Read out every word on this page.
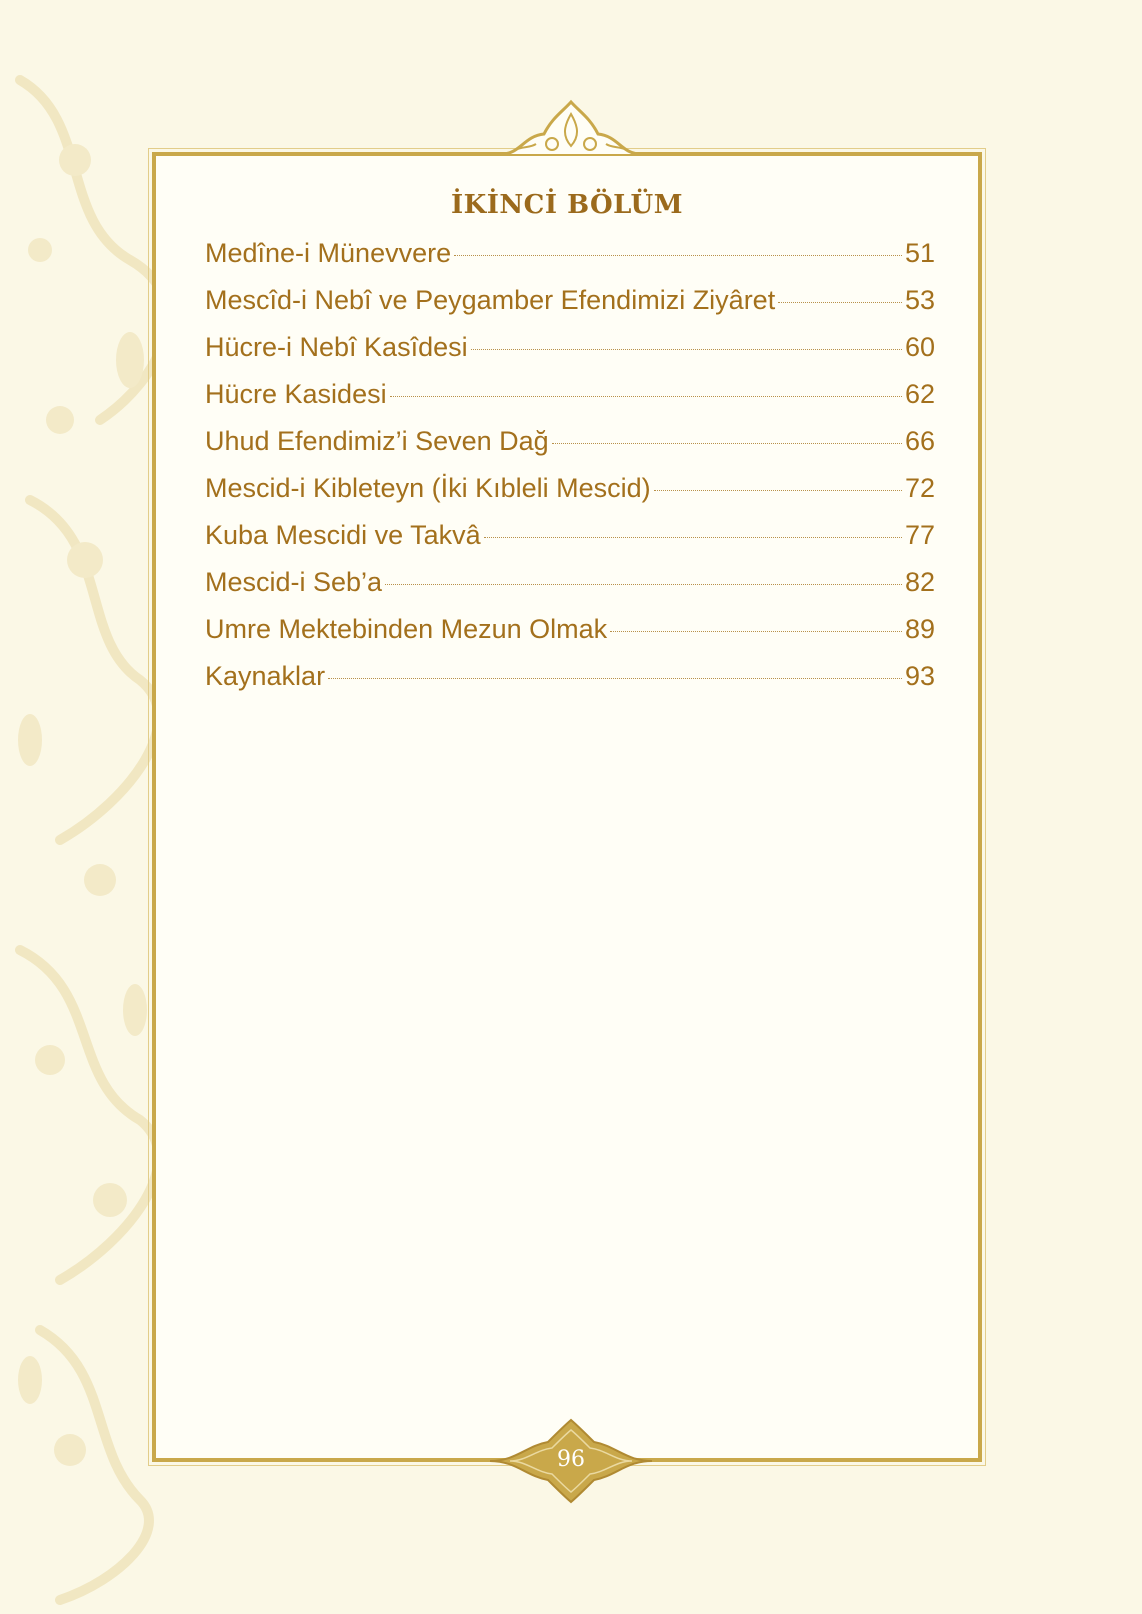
İKİNCİ BÖLÜM
Medîne-i Münevvere	51
Mescîd-i Nebî ve Peygamber Efendimizi Ziyâret	53
Hücre-i Nebî Kasîdesi	60
Hücre Kasidesi	62
Uhud Efendimiz’i Seven Dağ	66
Mescid-i Kibleteyn (İki Kıbleli Mescid)	72
Kuba Mescidi ve Takvâ	77
Mescid-i Seb’a	82
Umre Mektebinden Mezun Olmak	89
Kaynaklar	93
96
